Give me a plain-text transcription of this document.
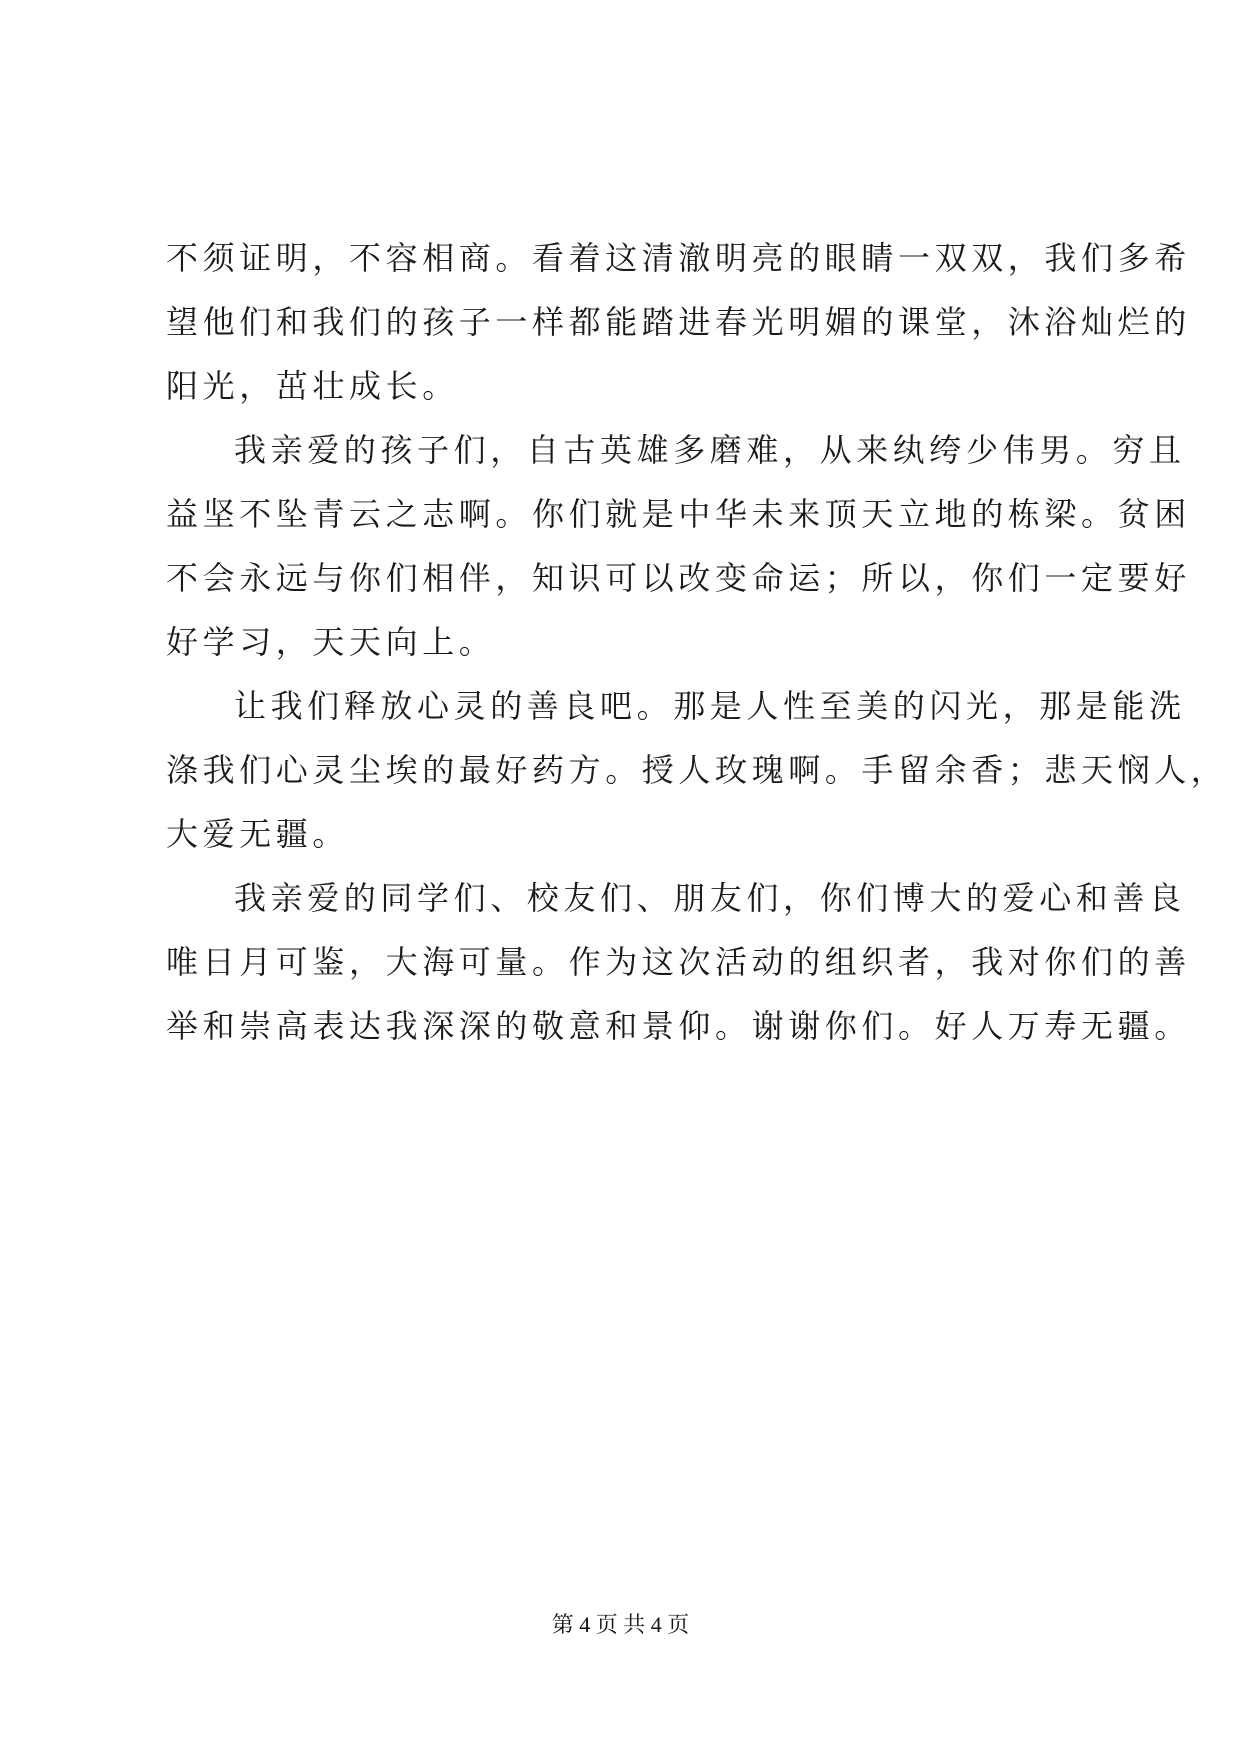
不须证明，不容相商。看着这清澈明亮的眼睛一双双，我们多希
望他们和我们的孩子一样都能踏进春光明媚的课堂，沐浴灿烂的
阳光，茁壮成长。
我亲爱的孩子们，自古英雄多磨难，从来纨绔少伟男。穷且
益坚不坠青云之志啊。你们就是中华未来顶天立地的栋梁。贫困
不会永远与你们相伴，知识可以改变命运；所以，你们一定要好
好学习，天天向上。
让我们释放心灵的善良吧。那是人性至美的闪光，那是能洗
涤我们心灵尘埃的最好药方。授人玫瑰啊。手留余香；悲天悯人，
大爱无疆。
我亲爱的同学们、校友们、朋友们，你们博大的爱心和善良
唯日月可鉴，大海可量。作为这次活动的组织者，我对你们的善
举和崇高表达我深深的敬意和景仰。谢谢你们。好人万寿无疆。
第 4 页 共 4 页
